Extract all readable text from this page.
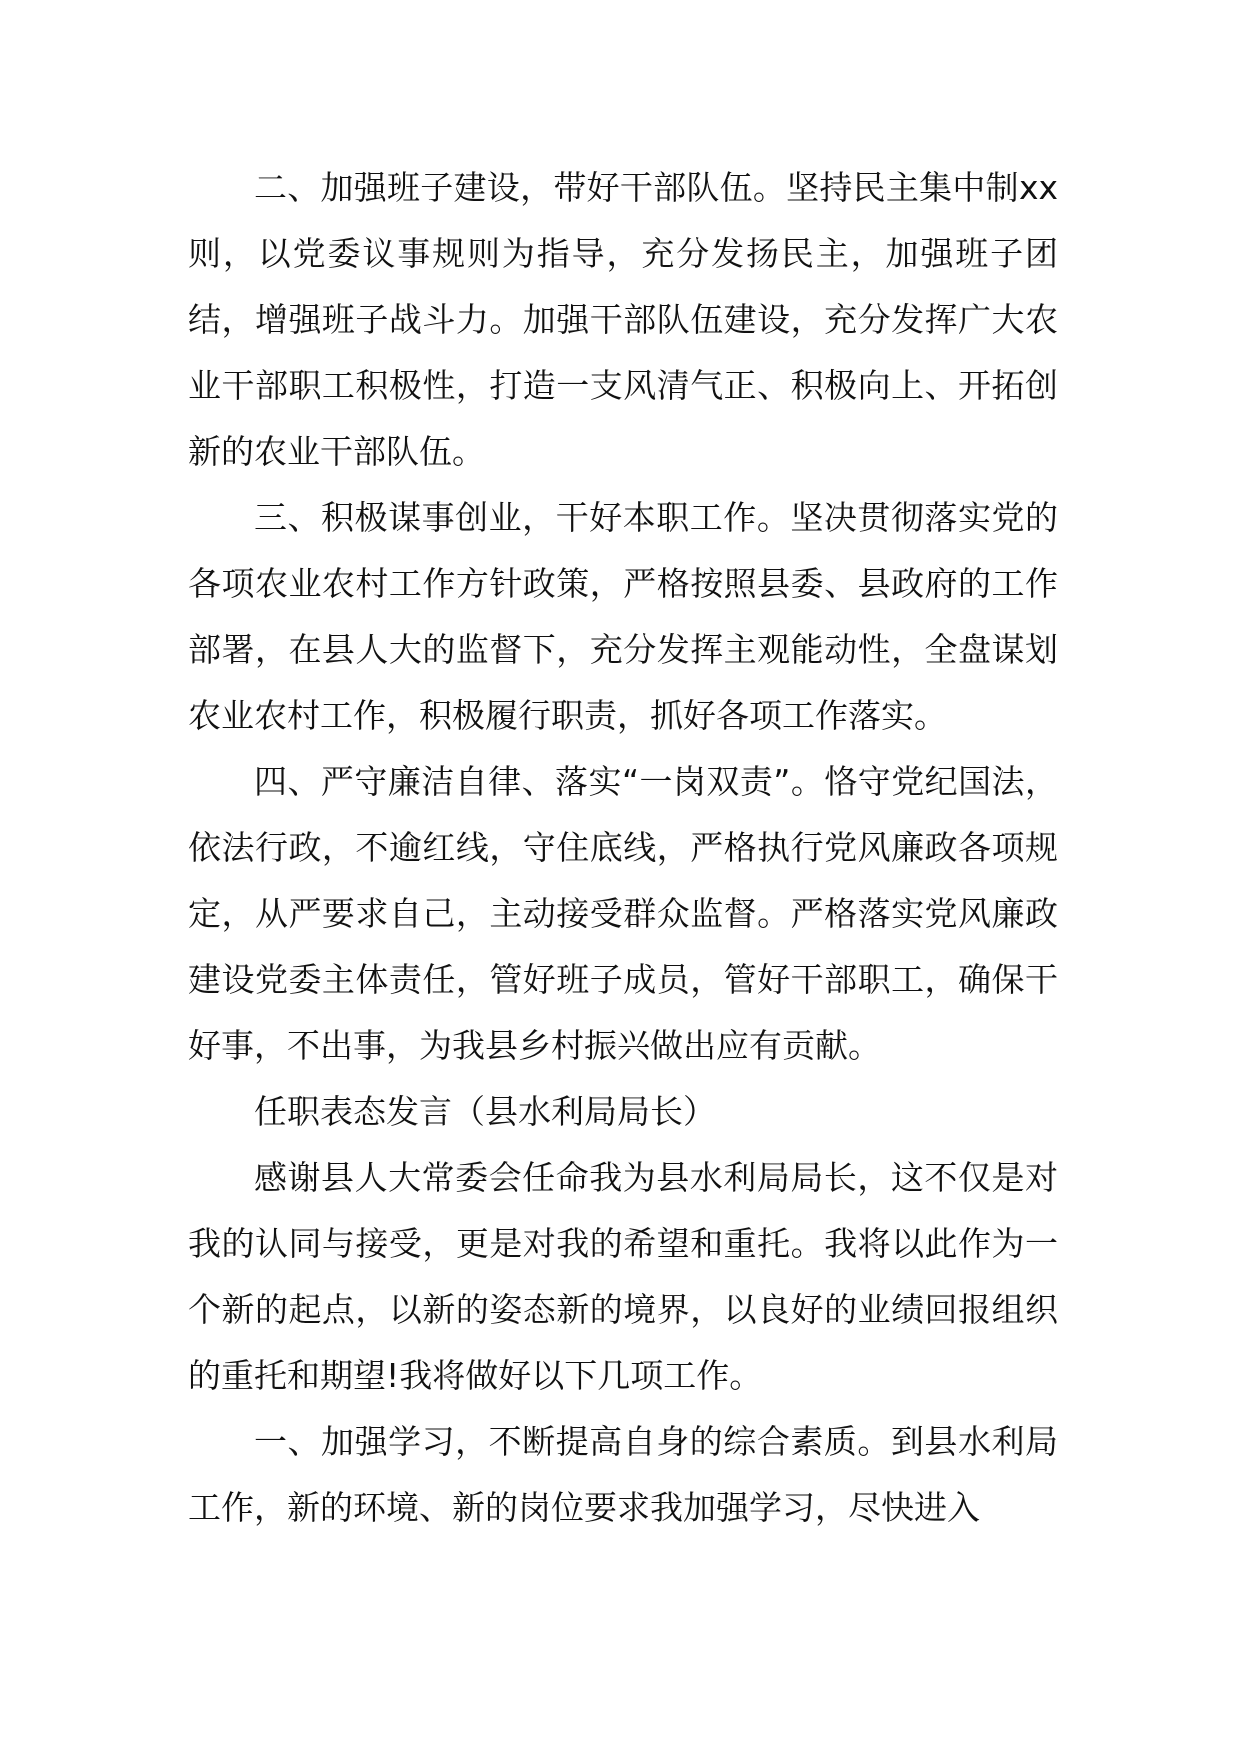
二、加强班子建设，带好干部队伍。坚持民主集中制xx则，以党委议事规则为指导，充分发扬民主，加强班子团结，增强班子战斗力。加强干部队伍建设，充分发挥广大农业干部职工积极性，打造一支风清气正、积极向上、开拓创新的农业干部队伍。

三、积极谋事创业，干好本职工作。坚决贯彻落实党的各项农业农村工作方针政策，严格按照县委、县政府的工作部署，在县人大的监督下，充分发挥主观能动性，全盘谋划农业农村工作，积极履行职责，抓好各项工作落实。

四、严守廉洁自律、落实“一岗双责”。恪守党纪国法，依法行政，不逾红线，守住底线，严格执行党风廉政各项规定，从严要求自己，主动接受群众监督。严格落实党风廉政建设党委主体责任，管好班子成员，管好干部职工，确保干好事，不出事，为我县乡村振兴做出应有贡献。

任职表态发言（县水利局局长）

感谢县人大常委会任命我为县水利局局长，这不仅是对我的认同与接受，更是对我的希望和重托。我将以此作为一个新的起点，以新的姿态新的境界，以良好的业绩回报组织的重托和期望!我将做好以下几项工作。

一、加强学习，不断提高自身的综合素质。到县水利局工作，新的环境、新的岗位要求我加强学习，尽快进入
